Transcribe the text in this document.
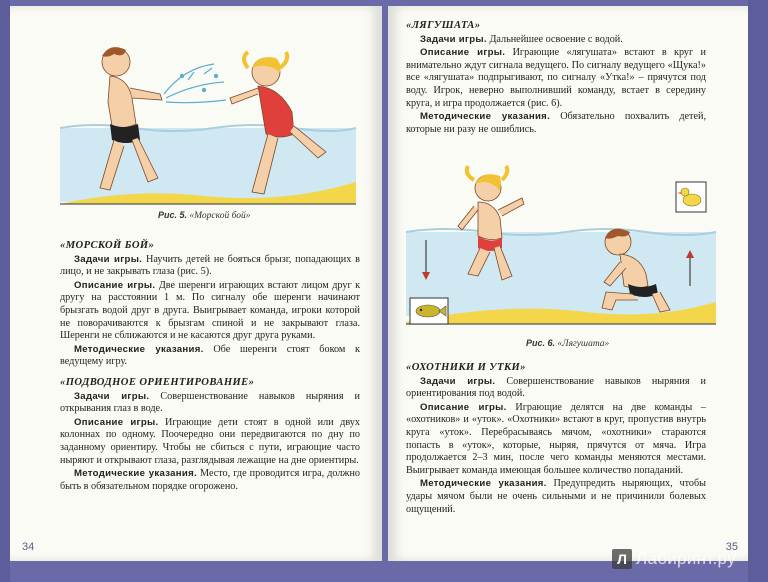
Рис. 5. «Морской бой»

«МОРСКОЙ БОЙ»

Задачи игры. Научить детей не бояться брызг, попадающих в лицо, и не закрывать глаза (рис. 5).

Описание игры. Две шеренги играющих встают лицом друг к другу на расстоянии 1 м. По сигналу обе шеренги начинают брызгать водой друг в друга. Выигрывает команда, игроки которой не поворачиваются к брызгам спиной и не закрывают глаза. Шеренги не сближаются и не касаются друг друга руками.

Методические указания. Обе шеренги стоят боком к ведущему игру.

«ПОДВОДНОЕ ОРИЕНТИРОВАНИЕ»

Задачи игры. Совершенствование навыков ныряния и открывания глаз в воде.

Описание игры. Играющие дети стоят в одной или двух колоннах по одному. Поочередно они передвигаются по дну по заданному ориентиру. Чтобы не сбиться с пути, играющие часто ныряют и открывают глаза, разглядывая лежащие на дне ориентиры.

Методические указания. Место, где проводится игра, должно быть в обязательном порядке огорожено.

34

«ЛЯГУШАТА»

Задачи игры. Дальнейшее освоение с водой.

Описание игры. Играющие «лягушата» встают в круг и внимательно ждут сигнала ведущего. По сигналу ведущего «Щука!» все «лягушата» подпрыгивают, по сигналу «Утка!» – прячутся под воду. Игрок, неверно выполнивший команду, встает в середину круга, и игра продолжается (рис. 6).

Методические указания. Обязательно похвалить детей, которые ни разу не ошиблись.

Рис. 6. «Лягушата»

«ОХОТНИКИ И УТКИ»

Задачи игры. Совершенствование навыков ныряния и ориентирования под водой.

Описание игры. Играющие делятся на две команды – «охотников» и «уток». «Охотники» встают в круг, пропустив внутрь круга «уток». Перебрасываясь мячом, «охотники» стараются попасть в «уток», которые, ныряя, прячутся от мяча. Игра продолжается 2–3 мин, после чего команды меняются местами. Выигрывает команда имеющая большее количество попаданий.

Методические указания. Предупредить ныряющих, чтобы удары мячом были не очень сильными и не причинили болевых ощущений.

35
Л Лабиринт.ру
